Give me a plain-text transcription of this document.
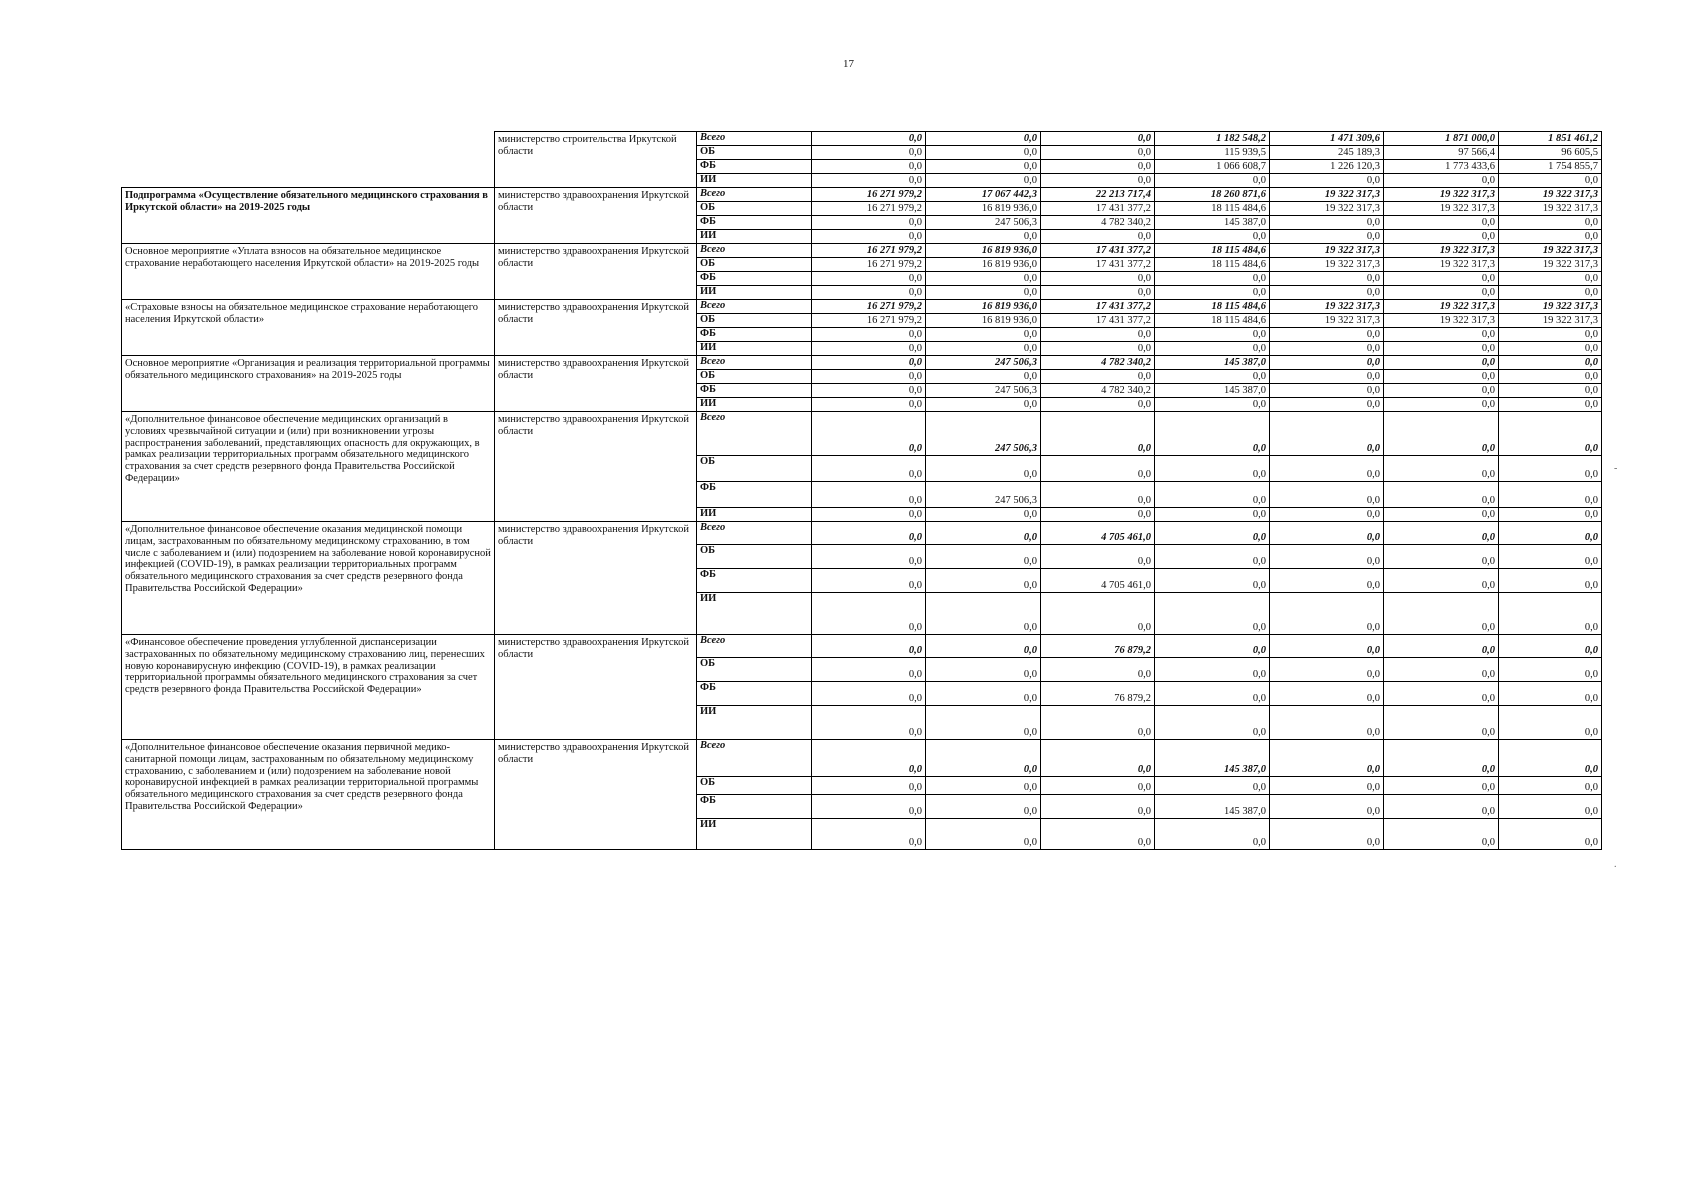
17
	министерство строительства Иркутской области	Всего	0,0	0,0	0,0	1 182 548,2	1 471 309,6	1 871 000,0	1 851 461,2
		ОБ	0,0	0,0	0,0	115 939,5	245 189,3	97 566,4	96 605,5
		ФБ	0,0	0,0	0,0	1 066 608,7	1 226 120,3	1 773 433,6	1 754 855,7
		ИИ	0,0	0,0	0,0	0,0	0,0	0,0	0,0
Подпрограмма «Осуществление обязательного медицинского страхования в Иркутской области» на 2019-2025 годы	министерство здравоохранения Иркутской области	Всего	16 271 979,2	17 067 442,3	22 213 717,4	18 260 871,6	19 322 317,3	19 322 317,3	19 322 317,3
		ОБ	16 271 979,2	16 819 936,0	17 431 377,2	18 115 484,6	19 322 317,3	19 322 317,3	19 322 317,3
		ФБ	0,0	247 506,3	4 782 340,2	145 387,0	0,0	0,0	0,0
		ИИ	0,0	0,0	0,0	0,0	0,0	0,0	0,0
Основное мероприятие «Уплата взносов на обязательное медицинское страхование неработающего населения Иркутской области» на 2019-2025 годы	министерство здравоохранения Иркутской области	Всего	16 271 979,2	16 819 936,0	17 431 377,2	18 115 484,6	19 322 317,3	19 322 317,3	19 322 317,3
		ОБ	16 271 979,2	16 819 936,0	17 431 377,2	18 115 484,6	19 322 317,3	19 322 317,3	19 322 317,3
		ФБ	0,0	0,0	0,0	0,0	0,0	0,0	0,0
		ИИ	0,0	0,0	0,0	0,0	0,0	0,0	0,0
«Страховые взносы на обязательное медицинское страхование неработающего населения Иркутской области»	министерство здравоохранения Иркутской области	Всего	16 271 979,2	16 819 936,0	17 431 377,2	18 115 484,6	19 322 317,3	19 322 317,3	19 322 317,3
		ОБ	16 271 979,2	16 819 936,0	17 431 377,2	18 115 484,6	19 322 317,3	19 322 317,3	19 322 317,3
		ФБ	0,0	0,0	0,0	0,0	0,0	0,0	0,0
		ИИ	0,0	0,0	0,0	0,0	0,0	0,0	0,0
Основное мероприятие «Организация и реализация территориальной программы обязательного медицинского страхования» на 2019-2025 годы	министерство здравоохранения Иркутской области	Всего	0,0	247 506,3	4 782 340,2	145 387,0	0,0	0,0	0,0
		ОБ	0,0	0,0	0,0	0,0	0,0	0,0	0,0
		ФБ	0,0	247 506,3	4 782 340,2	145 387,0	0,0	0,0	0,0
		ИИ	0,0	0,0	0,0	0,0	0,0	0,0	0,0
«Дополнительное финансовое обеспечение медицинских организаций в условиях чрезвычайной ситуации и (или) при возникновении угрозы распространения заболеваний, представляющих опасность для окружающих, в рамках реализации территориальных программ обязательного медицинского страхования за счет средств резервного фонда Правительства Российской Федерации»	министерство здравоохранения Иркутской области	Всего	0,0	247 506,3	0,0	0,0	0,0	0,0	0,0
		ОБ	0,0	0,0	0,0	0,0	0,0	0,0	0,0
		ФБ	0,0	247 506,3	0,0	0,0	0,0	0,0	0,0
		ИИ	0,0	0,0	0,0	0,0	0,0	0,0	0,0
«Дополнительное финансовое обеспечение оказания медицинской помощи лицам, застрахованным по обязательному медицинскому страхованию, в том числе с заболеванием и (или) подозрением на заболевание новой коронавирусной инфекцией (COVID-19), в рамках реализации территориальных программ обязательного медицинского страхования за счет средств резервного фонда Правительства Российской Федерации»	министерство здравоохранения Иркутской области	Всего	0,0	0,0	4 705 461,0	0,0	0,0	0,0	0,0
		ОБ	0,0	0,0	0,0	0,0	0,0	0,0	0,0
		ФБ	0,0	0,0	4 705 461,0	0,0	0,0	0,0	0,0
		ИИ	0,0	0,0	0,0	0,0	0,0	0,0	0,0
«Финансовое обеспечение проведения углубленной диспансеризации застрахованных по обязательному медицинскому страхованию лиц, перенесших новую коронавирусную инфекцию (COVID-19), в рамках реализации территориальной программы обязательного медицинского страхования за счет средств резервного фонда Правительства Российской Федерации»	министерство здравоохранения Иркутской области	Всего	0,0	0,0	76 879,2	0,0	0,0	0,0	0,0
		ОБ	0,0	0,0	0,0	0,0	0,0	0,0	0,0
		ФБ	0,0	0,0	76 879,2	0,0	0,0	0,0	0,0
		ИИ	0,0	0,0	0,0	0,0	0,0	0,0	0,0
«Дополнительное финансовое обеспечение оказания первичной медико-санитарной помощи лицам, застрахованным по обязательному медицинскому страхованию, с заболеванием и (или) подозрением на заболевание новой коронавирусной инфекцией в рамках реализации территориальной программы обязательного медицинского страхования за счет средств резервного фонда Правительства Российской Федерации»	министерство здравоохранения Иркутской области	Всего	0,0	0,0	0,0	145 387,0	0,0	0,0	0,0
		ОБ	0,0	0,0	0,0	0,0	0,0	0,0	0,0
		ФБ	0,0	0,0	0,0	145 387,0	0,0	0,0	0,0
		ИИ	0,0	0,0	0,0	0,0	0,0	0,0	0,0
-
.
